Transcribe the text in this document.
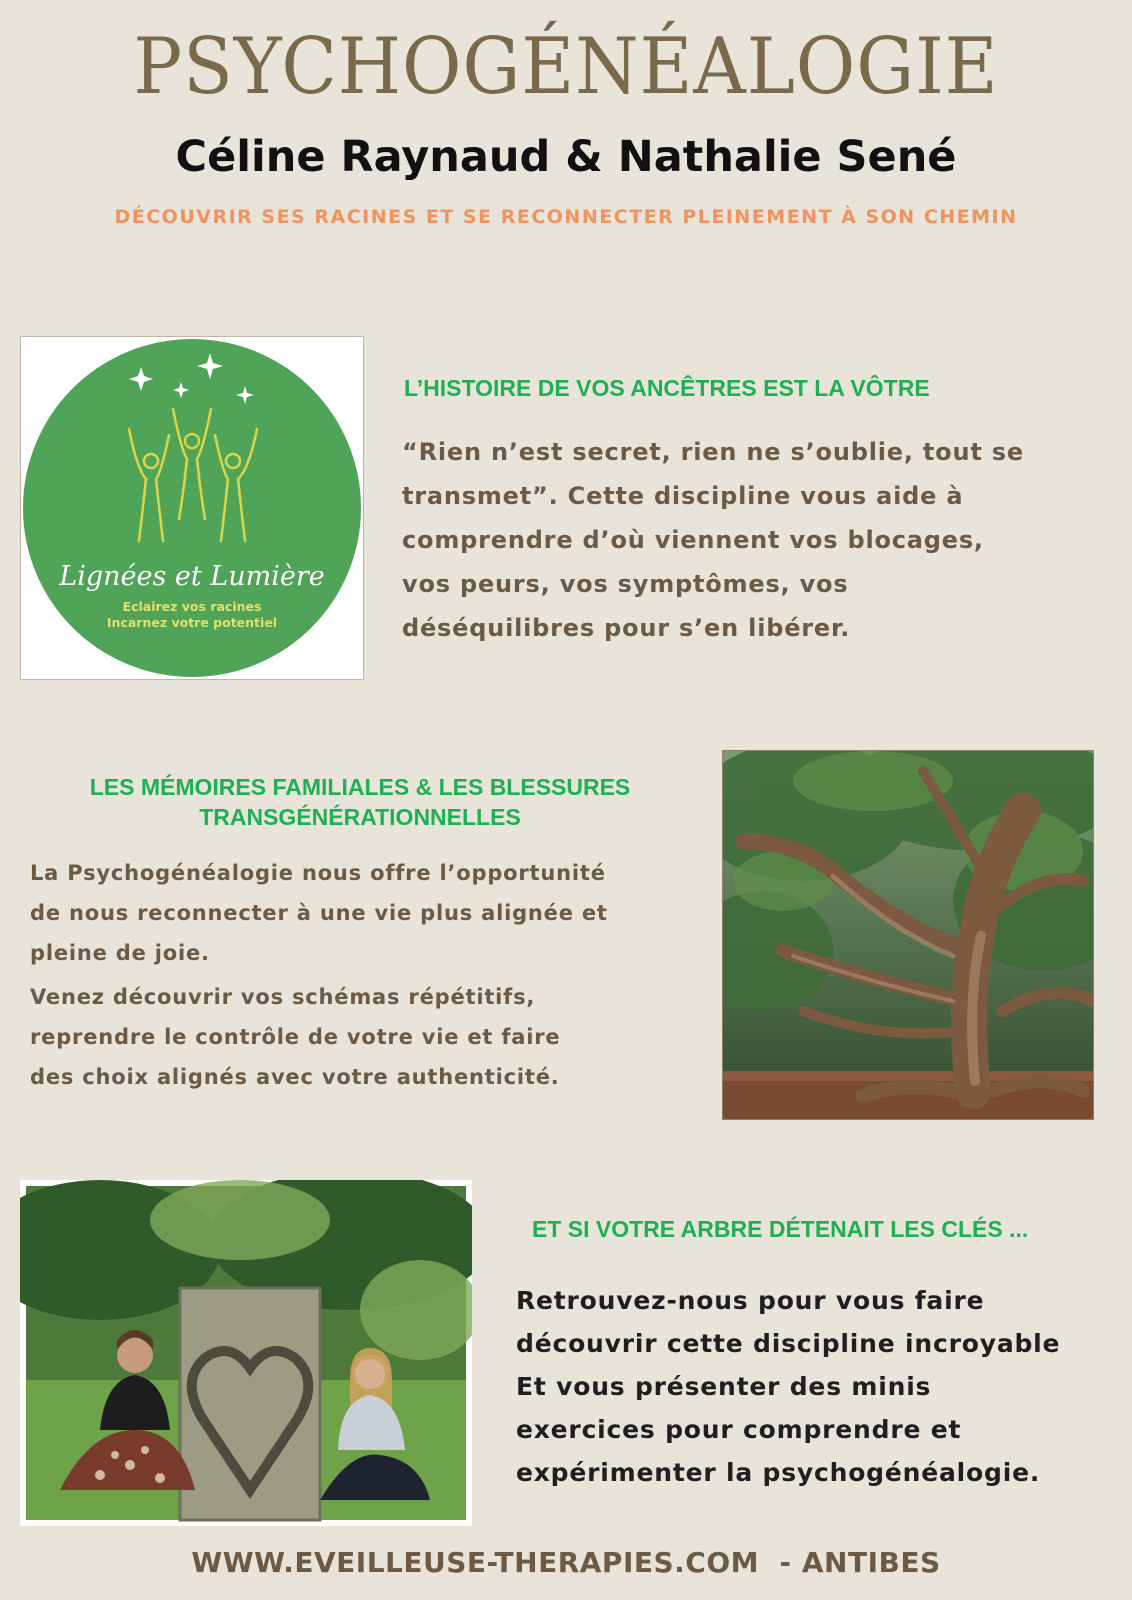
PSYCHOGÉNÉALOGIE
Céline Raynaud & Nathalie Sené
DÉCOUVRIR SES RACINES ET SE RECONNECTER PLEINEMENT À SON CHEMIN
Lignées et Lumière
Eclairez vos racines
Incarnez votre potentiel
L’HISTOIRE DE VOS ANCÊTRES EST LA VÔTRE
“Rien n’est secret, rien ne s’oublie, tout se
transmet”. Cette discipline vous aide à
comprendre d’où viennent vos blocages,
vos peurs, vos symptômes, vos
déséquilibres pour s’en libérer.
LES MÉMOIRES FAMILIALES & LES BLESSURES
TRANSGÉNÉRATIONNELLES
La Psychogénéalogie nous offre l’opportunité
de nous reconnecter à une vie plus alignée et
pleine de joie.
Venez découvrir vos schémas répétitifs,
reprendre le contrôle de votre vie et faire
des choix alignés avec votre authenticité.
ET SI VOTRE ARBRE DÉTENAIT LES CLÉS ...
Retrouvez-nous pour vous faire
découvrir cette discipline incroyable
Et vous présenter des minis
exercices pour comprendre et
expérimenter la psychogénéalogie.
WWW.EVEILLEUSE-THERAPIES.COM  - ANTIBES
